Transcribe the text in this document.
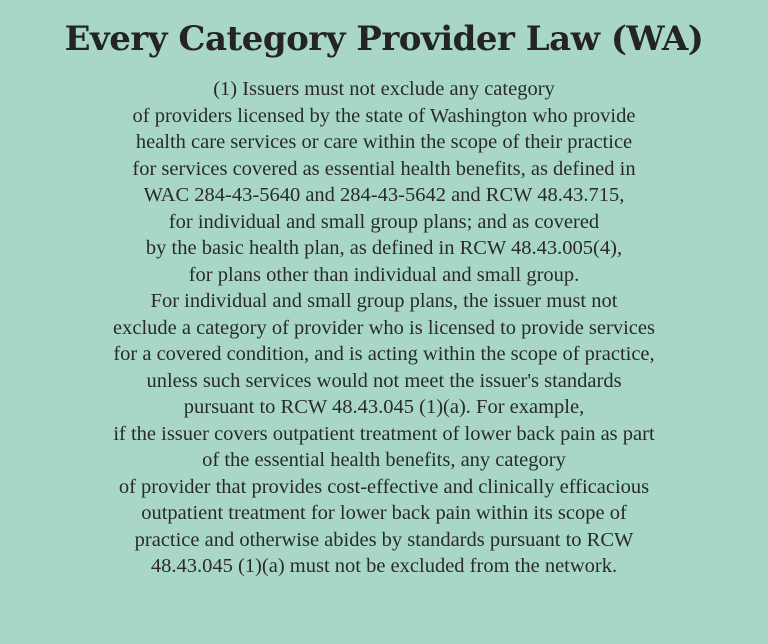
Every Category Provider Law (WA)
(1) Issuers must not exclude any category
of providers licensed by the state of Washington who provide
health care services or care within the scope of their practice
for services covered as essential health benefits, as defined in
WAC 284-43-5640 and 284-43-5642 and RCW 48.43.715,
for individual and small group plans; and as covered
by the basic health plan, as defined in RCW 48.43.005(4),
for plans other than individual and small group.
For individual and small group plans, the issuer must not
exclude a category of provider who is licensed to provide services
for a covered condition, and is acting within the scope of practice,
unless such services would not meet the issuer's standards
pursuant to RCW 48.43.045 (1)(a). For example,
if the issuer covers outpatient treatment of lower back pain as part
of the essential health benefits, any category
of provider that provides cost-effective and clinically efficacious
outpatient treatment for lower back pain within its scope of
practice and otherwise abides by standards pursuant to RCW
48.43.045 (1)(a) must not be excluded from the network.
